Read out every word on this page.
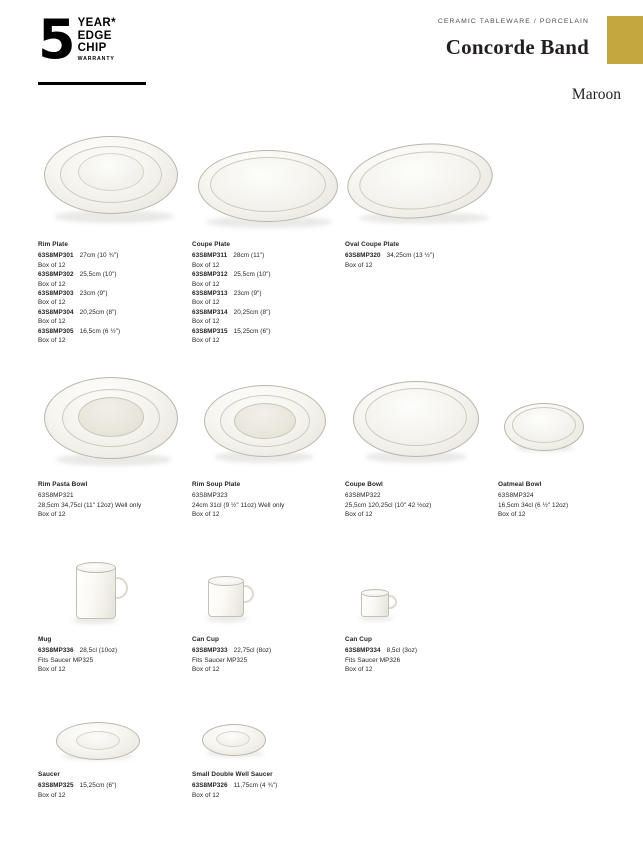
5 YEAR*
EDGE
CHIP
WARRANTY
CERAMIC TABLEWARE / PORCELAIN
Concorde Band
Maroon
Rim Plate
63S8MP301 27cm (10 ¾")
Box of 12
63S8MP302 25,5cm (10")
Box of 12
63S8MP303 23cm (9")
Box of 12
63S8MP304 20,25cm (8")
Box of 12
63S8MP305 16,5cm (6 ½")
Box of 12
Coupe Plate
63S8MP311 28cm (11")
Box of 12
63S8MP312 25,5cm (10")
Box of 12
63S8MP313 23cm (9")
Box of 12
63S8MP314 20,25cm (8")
Box of 12
63S8MP315 15,25cm (6")
Box of 12
Oval Coupe Plate
63S8MP320 34,25cm (13 ½")
Box of 12
Rim Pasta Bowl
63S8MP321
28,5cm 34,75cl (11" 12oz) Well only
Box of 12
Rim Soup Plate
63S8MP323
24cm 31cl (9 ½" 11oz) Well only
Box of 12
Coupe Bowl
63S8MP322
25,5cm 120,25cl (10" 42 ½oz)
Box of 12
Oatmeal Bowl
63S8MP324
16,5cm 34cl (6 ½" 12oz)
Box of 12
Mug
63S8MP336 28,5cl (10oz)
Fits Saucer MP325
Box of 12
Can Cup
63S8MP333 22,75cl (8oz)
Fits Saucer MP325
Box of 12
Can Cup
63S8MP334 8,5cl (3oz)
Fits Saucer MP326
Box of 12
Saucer
63S8MP325 15,25cm (6")
Box of 12
Small Double Well Saucer
63S8MP326 11,75cm (4 ¾")
Box of 12
